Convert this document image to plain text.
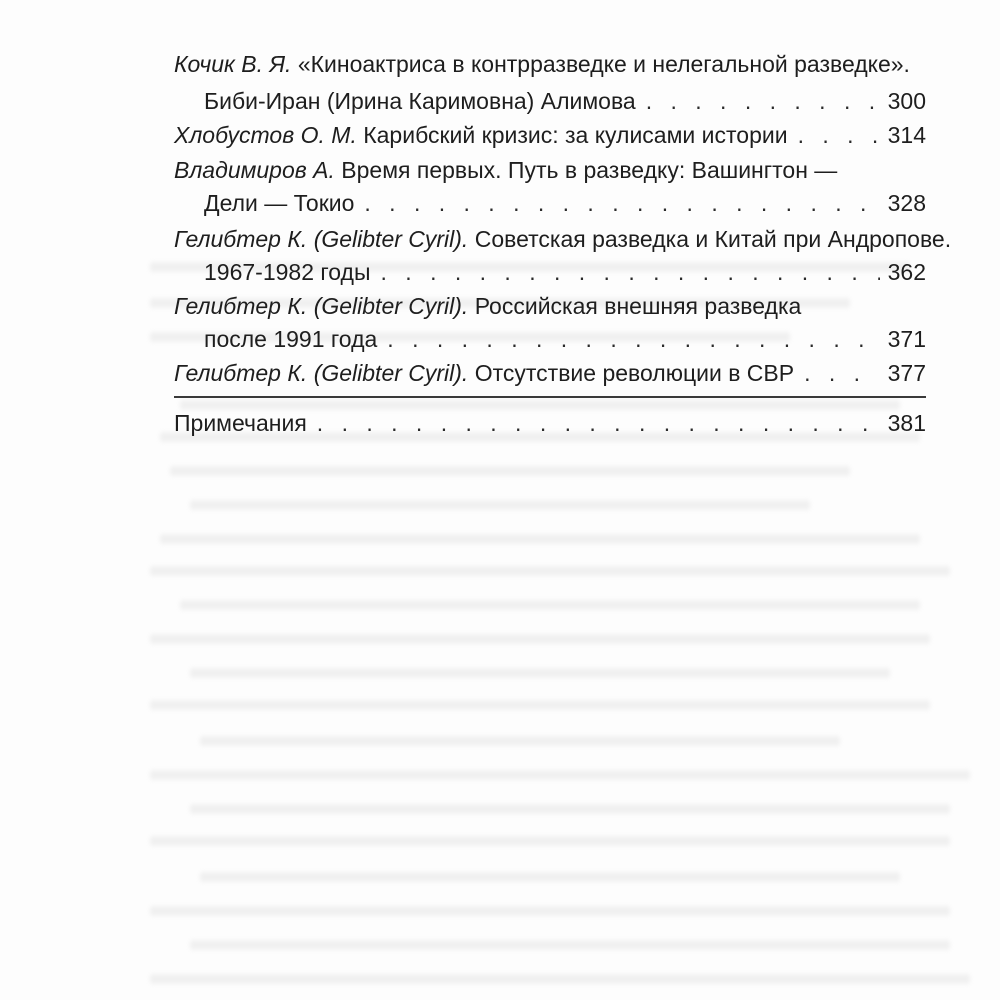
Кочик В. Я.
«Киноактриса в контрразведке и нелегальной разведке».
Биби-Иран (Ирина Каримовна) Алимова . . .	300
Хлобустов О. М.
Карибский кризис: за кулисами истории . . .	314
Владимиров А.
Время первых. Путь в разведку: Вашингтон —
Дели — Токио . . .	328
Гелибтер К. (Gelibter Cyril).
Советская разведка и Китай при Андропове.
1967-1982 годы . . .	362
Гелибтер К. (Gelibter Cyril).
Российская внешняя разведка
после 1991 года . . .	371
Гелибтер К. (Gelibter Cyril).
Отсутствие революции в СВР . . .	377
Примечания . . .	381
